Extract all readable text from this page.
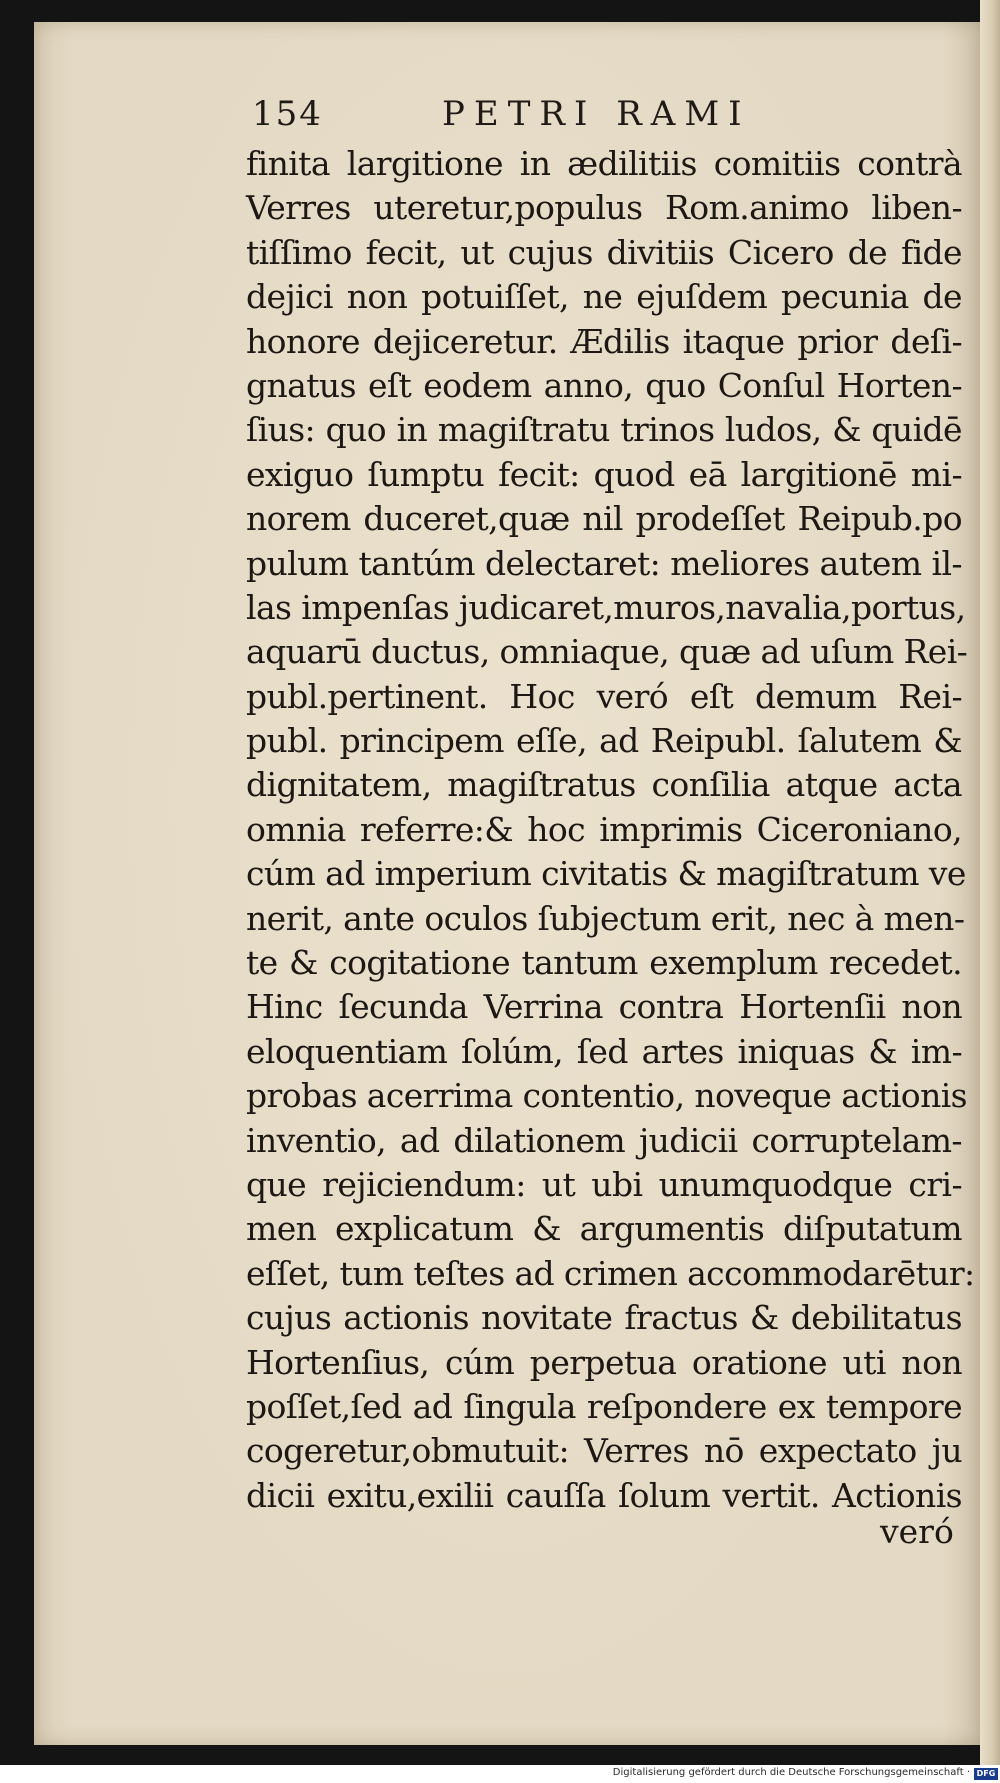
154	PETRI RAMI
finita largitione in ædilitiis comitiis contrà
Verres uteretur,populus Rom.animo liben-
tiſſimo fecit, ut cujus divitiis Cicero de fide
dejici non potuiſſet, ne ejuſdem pecunia de
honore dejiceretur. Ædilis itaque prior deſi-
gnatus eſt eodem anno, quo Conſul Horten-
ſius: quo in magiſtratu trinos ludos, & quidē
exiguo ſumptu fecit: quod eā largitionē mi-
norem duceret,quæ nil prodeſſet Reipub.po
pulum tantúm delectaret: meliores autem il-
las impenſas judicaret,muros,navalia,portus,
aquarū ductus, omniaque, quæ ad uſum Rei-
publ.pertinent. Hoc veró eſt demum Rei-
publ. principem eſſe, ad Reipubl. ſalutem &
dignitatem, magiſtratus conſilia atque acta
omnia referre:& hoc imprimis Ciceroniano,
cúm ad imperium civitatis & magiſtratum ve
nerit, ante oculos ſubjectum erit, nec à men-
te & cogitatione tantum exemplum recedet.
Hinc ſecunda Verrina contra Hortenſii non
eloquentiam ſolúm, ſed artes iniquas & im-
probas acerrima contentio, noveque actionis
inventio, ad dilationem judicii corruptelam-
que rejiciendum: ut ubi unumquodque cri-
men explicatum & argumentis diſputatum
eſſet, tum teſtes ad crimen accommodarētur:
cujus actionis novitate fractus & debilitatus
Hortenſius, cúm perpetua oratione uti non
poſſet,ſed ad ſingula reſpondere ex tempore
cogeretur,obmutuit: Verres nō expectato ju
dicii exitu,exilii cauſſa ſolum vertit. Actionis
veró
Digitalisierung gefördert durch die Deutsche Forschungsgemeinschaft · DFG
